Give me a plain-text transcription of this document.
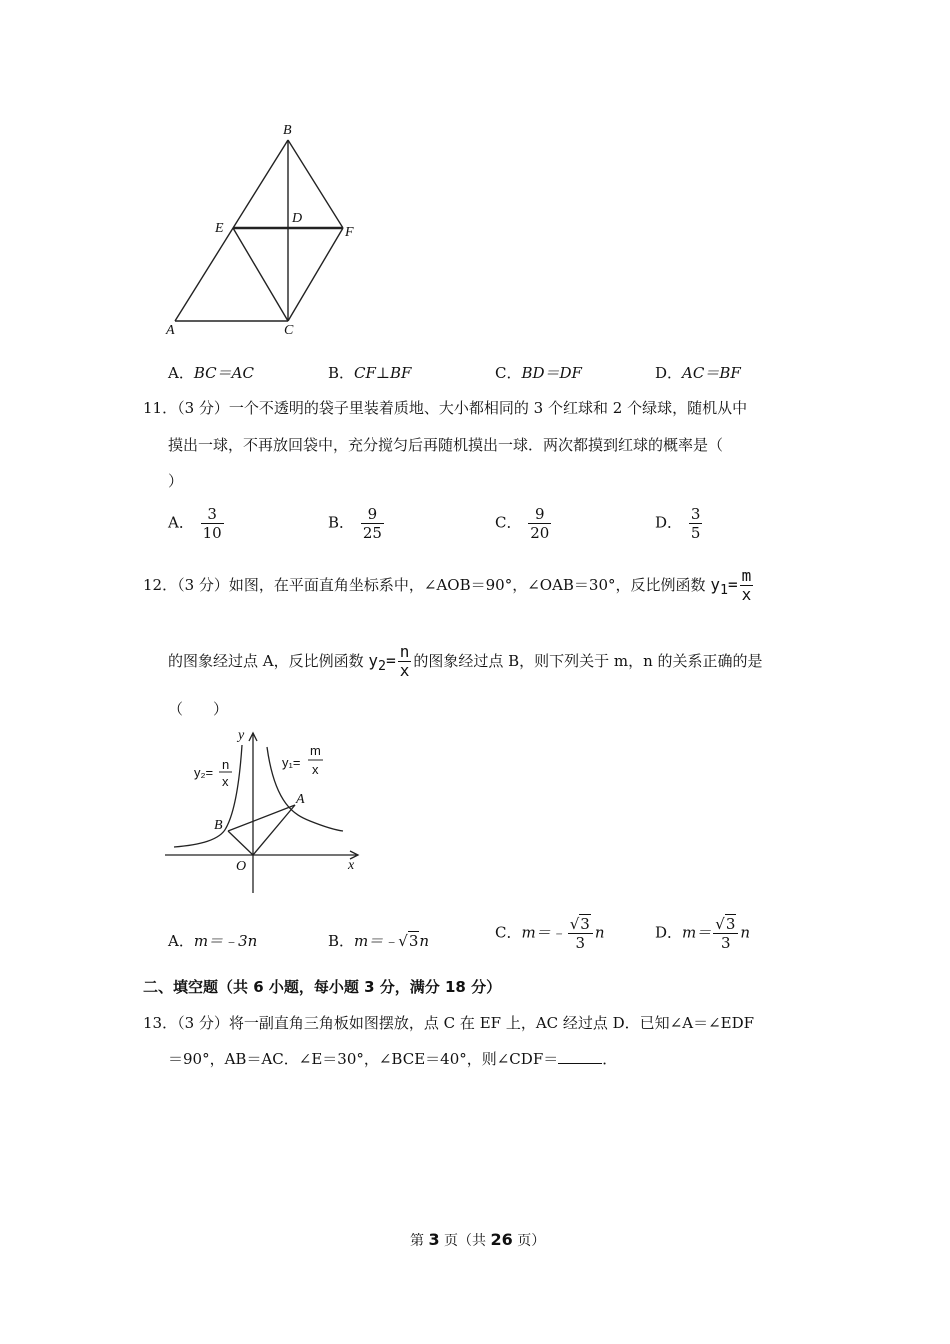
B
D
E	F
A	C
A．BC＝AC	B．CF⊥BF	C．BD＝DF	D．AC＝BF
11．（3 分）一个不透明的袋子里装着质地、大小都相同的 3 个红球和 2 个绿球，随机从中
摸出一球，不再放回袋中，充分搅匀后再随机摸出一球．两次都摸到红球的概率是（
）
A． $\frac{3}{10}$	B． $\frac{9}{25}$	C． $\frac{9}{20}$	D． $\frac{3}{5}$
12．（3 分）如图，在平面直角坐标系中，∠AOB＝90°，∠OAB＝30°，反比例函数 $y_1= \frac{m}{x}$
的图象经过点 A，反比例函数 $y_2= \frac{n}{x}$ 的图象经过点 B，则下列关于 m，n 的关系正确的是
（　　）
y
x
O
A
B
y₂=
n
x
y₁=
m
x
A．m＝﹣3n	B．m＝﹣√3n	C．m＝﹣ $\frac{√3}{3}$ n	D．$m= \frac{√3}{3}$ n
二、填空题（共 6 小题，每小题 3 分，满分 18 分）
13．（3 分）将一副直角三角板如图摆放，点 C 在 EF 上，AC 经过点 D．已知∠A＝∠EDF
＝90°，AB＝AC．∠E＝30°，∠BCE＝40°，则∠CDF＝	．
第 3 页（共 26 页）
